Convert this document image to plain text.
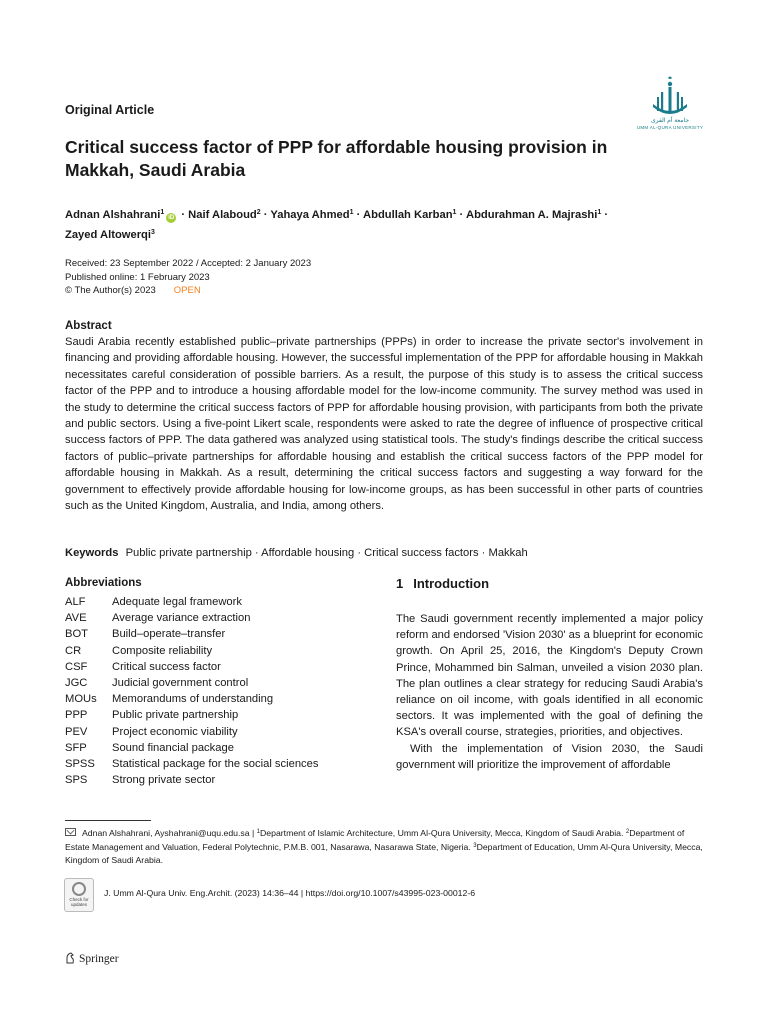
Original Article
جامعة أم القرى
UMM AL-QURA UNIVERSITY
Critical success factor of PPP for affordable housing provision in Makkah, Saudi Arabia
Adnan Alshahrani$^1$iD · Naif Alaboud$^2$ · Yahaya Ahmed$^1$ · Abdullah Karban$^1$ · Abdurahman A. Majrashi$^1$ ·
Zayed Altowerqi$^3$
Received: 23 September 2022 / Accepted: 2 January 2023
Published online: 1 February 2023
© The Author(s) 2023 OPEN
Abstract

Saudi Arabia recently established public–private partnerships (PPPs) in order to increase the private sector's involvement in financing and providing affordable housing. However, the successful implementation of the PPP for affordable housing in Makkah necessitates careful consideration of possible barriers. As a result, the purpose of this study is to assess the critical success factor of the PPP and to introduce a housing affordable model for the low-income community. The survey method was used in the study to determine the critical success factors of PPP for affordable housing provision, with participants from both the private and public sectors. Using a five-point Likert scale, respondents were asked to rate the degree of influence of prospective critical success factors of PPP. The data gathered was analyzed using statistical tools. The study's findings describe the critical success factors of public–private partnerships for affordable housing and establish the critical success factors of the PPP model for affordable housing in Makkah. As a result, determining the critical success factors and suggesting a way forward for the government to effectively provide affordable housing for low-income groups, as has been successful in other parts of countries such as the United Kingdom, Australia, and India, among others.

Keywords Public private partnership · Affordable housing · Critical success factors · Makkah
Abbreviations
ALF Adequate legal framework
AVE Average variance extraction
BOT Build–operate–transfer
CR	Composite reliability
CSF Critical success factor
JGC Judicial government control
MOUs Memorandums of understanding
PPP Public private partnership
PEV Project economic viability
SFP Sound financial package
SPSS Statistical package for the social sciences
SPS Strong private sector
1 Introduction

The Saudi government recently implemented a major policy reform and endorsed 'Vision 2030' as a blueprint for economic growth. On April 25, 2016, the Kingdom's Deputy Crown Prince, Mohammed bin Salman, unveiled a vision 2030 plan. The plan outlines a clear strategy for reducing Saudi Arabia's reliance on oil income, with goals identified in all economic sectors. It was implemented with the goal of defining the KSA's overall course, strategies, priorities, and objectives.

With the implementation of Vision 2030, the Saudi government will prioritize the improvement of affordable

Adnan Alshahrani, Ayshahrani@uqu.edu.sa | $^1$Department of Islamic Architecture, Umm Al-Qura University, Mecca, Kingdom of Saudi Arabia. $^2$Department of Estate Management and Valuation, Federal Polytechnic, P.M.B. 001, Nasarawa, Nasarawa State, Nigeria. $^3$Department of Education, Umm Al-Qura University, Mecca, Kingdom of Saudi Arabia.
Check for updates
J. Umm Al-Qura Univ. Eng.Archit. (2023) 14:36–44 | https://doi.org/10.1007/s43995-023-00012-6
Springer
